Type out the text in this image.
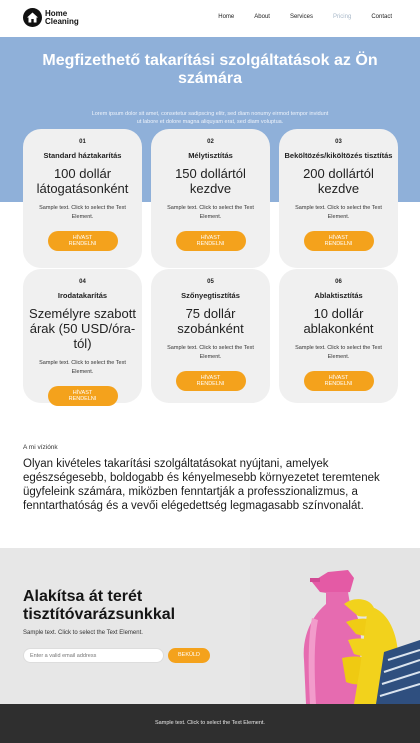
Home
Cleaning	Home	About	Services	Pricing	Contact
Megfizethető takarítási szolgáltatások az Ön számára
Lorem ipsum dolor sit amet, consetetur sadipscing elitr, sed diam nonumy eirmod tempor invidunt ut labore et dolore magna aliquyam erat, sed diam voluptua.
01
Standard háztakarítás
100 dollár látogatásonként
Sample text. Click to select the Text Element.
HÍVAST RENDELNI
02
Mélytisztítás
150 dollártól kezdve
Sample text. Click to select the Text Element.
HÍVAST RENDELNI
03
Beköltözés/kiköltözés tisztítás
200 dollártól kezdve
Sample text. Click to select the Text Element.
HÍVAST RENDELNI
04
Irodatakarítás
Személyre szabott árak (50 USD/óra-tól)
Sample text. Click to select the Text Element.
HÍVAST RENDELNI
05
Szőnyegtisztítás
75 dollár szobánként
Sample text. Click to select the Text Element.
HÍVAST RENDELNI
06
Ablaktisztítás
10 dollár ablakonként
Sample text. Click to select the Text Element.
HÍVAST RENDELNI
A mi víziónk
Olyan kivételes takarítási szolgáltatásokat nyújtani, amelyek egészségesebb, boldogabb és kényelmesebb környezetet teremtenek ügyfeleink számára, miközben fenntartják a professzionalizmus, a fenntarthatóság és a vevői elégedettség legmagasabb színvonalát.
Alakítsa át terét tisztítóvarázsunkkal
Sample text. Click to select the Text Element.
Enter a valid email address
BEKÜLD
Sample text. Click to select the Text Element.
